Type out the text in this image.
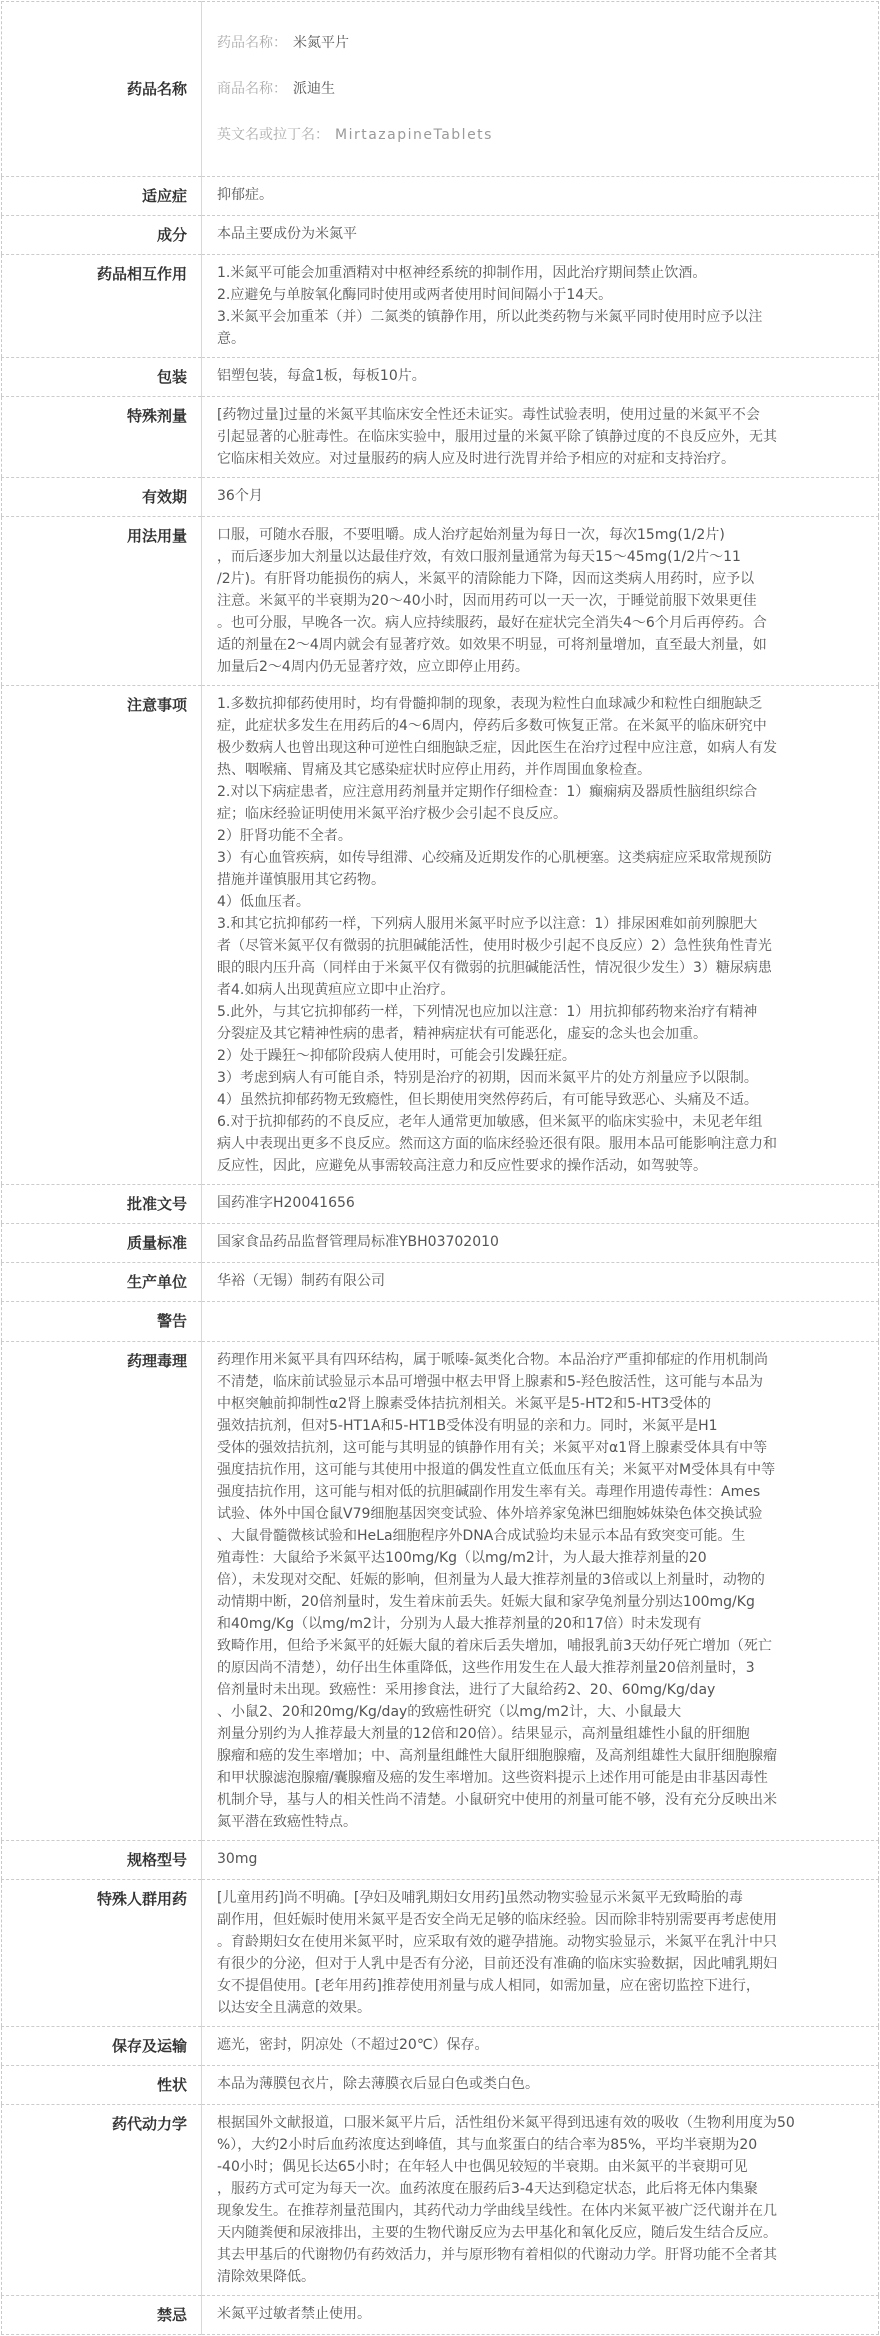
药品名称	药品名称： 米氮平片

商品名称： 派迪生

英文名或拉丁名： MirtazapineTablets

适应症	抑郁症。
成分	本品主要成份为米氮平
药品相互作用	1.米氮平可能会加重酒精对中枢神经系统的抑制作用，因此治疗期间禁止饮酒。
2.应避免与单胺氧化酶同时使用或两者使用时间间隔小于14天。
3.米氮平会加重苯（并）二氮类的镇静作用，所以此类药物与米氮平同时使用时应予以注
意。
包装	铝塑包装，每盒1板，每板10片。
特殊剂量	[药物过量]过量的米氮平其临床安全性还未证实。毒性试验表明，使用过量的米氮平不会
引起显著的心脏毒性。在临床实验中，服用过量的米氮平除了镇静过度的不良反应外，无其
它临床相关效应。对过量服药的病人应及时进行洗胃并给予相应的对症和支持治疗。
有效期	36个月
用法用量	口服，可随水吞服，不要咀嚼。成人治疗起始剂量为每日一次，每次15mg(1/2片)
，而后逐步加大剂量以达最佳疗效，有效口服剂量通常为每天15～45mg(1/2片～11
/2片)。有肝肾功能损伤的病人，米氮平的清除能力下降，因而这类病人用药时，应予以
注意。米氮平的半衰期为20～40小时，因而用药可以一天一次，于睡觉前服下效果更佳
。也可分服，早晚各一次。病人应持续服药，最好在症状完全消失4～6个月后再停药。合
适的剂量在2～4周内就会有显著疗效。如效果不明显，可将剂量增加，直至最大剂量，如
加量后2～4周内仍无显著疗效，应立即停止用药。
注意事项	1.多数抗抑郁药使用时，均有骨髓抑制的现象，表现为粒性白血球减少和粒性白细胞缺乏
症，此症状多发生在用药后的4～6周内，停药后多数可恢复正常。在米氮平的临床研究中
极少数病人也曾出现这种可逆性白细胞缺乏症，因此医生在治疗过程中应注意，如病人有发
热、咽喉痛、胃痛及其它感染症状时应停止用药，并作周围血象检查。
2.对以下病症患者，应注意用药剂量并定期作仔细检查：1）癫痫病及器质性脑组织综合
症；临床经验证明使用米氮平治疗极少会引起不良反应。
2）肝肾功能不全者。
3）有心血管疾病，如传导组滞、心绞痛及近期发作的心肌梗塞。这类病症应采取常规预防
措施并谨慎服用其它药物。
4）低血压者。
3.和其它抗抑郁药一样，下列病人服用米氮平时应予以注意：1）排尿困难如前列腺肥大
者（尽管米氮平仅有微弱的抗胆碱能活性，使用时极少引起不良反应）2）急性狭角性青光
眼的眼内压升高（同样由于米氮平仅有微弱的抗胆碱能活性，情况很少发生）3）糖尿病患
者4.如病人出现黄疸应立即中止治疗。
5.此外，与其它抗抑郁药一样，下列情况也应加以注意：1）用抗抑郁药物来治疗有精神
分裂症及其它精神性病的患者，精神病症状有可能恶化，虚妄的念头也会加重。
2）处于躁狂～抑郁阶段病人使用时，可能会引发躁狂症。
3）考虑到病人有可能自杀，特别是治疗的初期，因而米氮平片的处方剂量应予以限制。
4）虽然抗抑郁药物无致瘾性，但长期使用突然停药后，有可能导致恶心、头痛及不适。
6.对于抗抑郁药的不良反应，老年人通常更加敏感，但米氮平的临床实验中，未见老年组
病人中表现出更多不良反应。然而这方面的临床经验还很有限。服用本品可能影响注意力和
反应性，因此，应避免从事需较高注意力和反应性要求的操作活动，如驾驶等。
批准文号	国药准字H20041656
质量标准	国家食品药品监督管理局标准YBH03702010
生产单位	华裕（无锡）制药有限公司
警告	
药理毒理	药理作用米氮平具有四环结构，属于哌嗪-氮类化合物。本品治疗严重抑郁症的作用机制尚
不清楚，临床前试验显示本品可增强中枢去甲肾上腺素和5-羟色胺活性，这可能与本品为
中枢突触前抑制性α2肾上腺素受体拮抗剂相关。米氮平是5-HT2和5-HT3受体的
强效拮抗剂，但对5-HT1A和5-HT1B受体没有明显的亲和力。同时，米氮平是H1
受体的强效拮抗剂，这可能与其明显的镇静作用有关；米氮平对α1肾上腺素受体具有中等
强度拮抗作用，这可能与其使用中报道的偶发性直立低血压有关；米氮平对M受体具有中等
强度拮抗作用，这可能与相对低的抗胆碱副作用发生率有关。毒理作用遗传毒性：Ames
试验、体外中国仓鼠V79细胞基因突变试验、体外培养家兔淋巴细胞姊妹染色体交换试验
、大鼠骨髓微核试验和HeLa细胞程序外DNA合成试验均未显示本品有致突变可能。生
殖毒性：大鼠给予米氮平达100mg/Kg（以mg/m2计，为人最大推荐剂量的20
倍），未发现对交配、妊娠的影响，但剂量为人最大推荐剂量的3倍或以上剂量时，动物的
动情期中断，20倍剂量时，发生着床前丢失。妊娠大鼠和家孕兔剂量分别达100mg/Kg
和40mg/Kg（以mg/m2计，分别为人最大推荐剂量的20和17倍）时未发现有
致畸作用，但给予米氮平的妊娠大鼠的着床后丢失增加，哺报乳前3天幼仔死亡增加（死亡
的原因尚不清楚），幼仔出生体重降低，这些作用发生在人最大推荐剂量20倍剂量时，3
倍剂量时未出现。致癌性：采用掺食法，进行了大鼠给药2、20、60mg/Kg/day
、小鼠2、20和20mg/Kg/day的致癌性研究（以mg/m2计，大、小鼠最大
剂量分别约为人推荐最大剂量的12倍和20倍）。结果显示，高剂量组雄性小鼠的肝细胞
腺瘤和癌的发生率增加；中、高剂量组雌性大鼠肝细胞腺瘤，及高剂组雄性大鼠肝细胞腺瘤
和甲状腺滤泡腺瘤/囊腺瘤及癌的发生率增加。这些资料提示上述作用可能是由非基因毒性
机制介导，基与人的相关性尚不清楚。小鼠研究中使用的剂量可能不够，没有充分反映出米
氮平潜在致癌性特点。
规格型号	30mg
特殊人群用药	[儿童用药]尚不明确。[孕妇及哺乳期妇女用药]虽然动物实验显示米氮平无致畸胎的毒
副作用，但妊娠时使用米氮平是否安全尚无足够的临床经验。因而除非特别需要再考虑使用
。育龄期妇女在使用米氮平时，应采取有效的避孕措施。动物实验显示，米氮平在乳汁中只
有很少的分泌，但对于人乳中是否有分泌，目前还没有准确的临床实验数据，因此哺乳期妇
女不提倡使用。[老年用药]推荐使用剂量与成人相同，如需加量，应在密切监控下进行，
以达安全且满意的效果。
保存及运输	遮光，密封，阴凉处（不超过20℃）保存。
性状	本品为薄膜包衣片，除去薄膜衣后显白色或类白色。
药代动力学	根据国外文献报道，口服米氮平片后，活性组份米氮平得到迅速有效的吸收（生物利用度为50
%），大约2小时后血药浓度达到峰值，其与血浆蛋白的结合率为85%，平均半衰期为20
-40小时；偶见长达65小时；在年轻人中也偶见较短的半衰期。由米氮平的半衰期可见
，服药方式可定为每天一次。血药浓度在服药后3-4天达到稳定状态，此后将无体内集聚
现象发生。在推荐剂量范围内，其药代动力学曲线呈线性。在体内米氮平被广泛代谢并在几
天内随粪便和尿液排出，主要的生物代谢反应为去甲基化和氧化反应，随后发生结合反应。
其去甲基后的代谢物仍有药效活力，并与原形物有着相似的代谢动力学。肝肾功能不全者其
清除效果降低。
禁忌	米氮平过敏者禁止使用。
